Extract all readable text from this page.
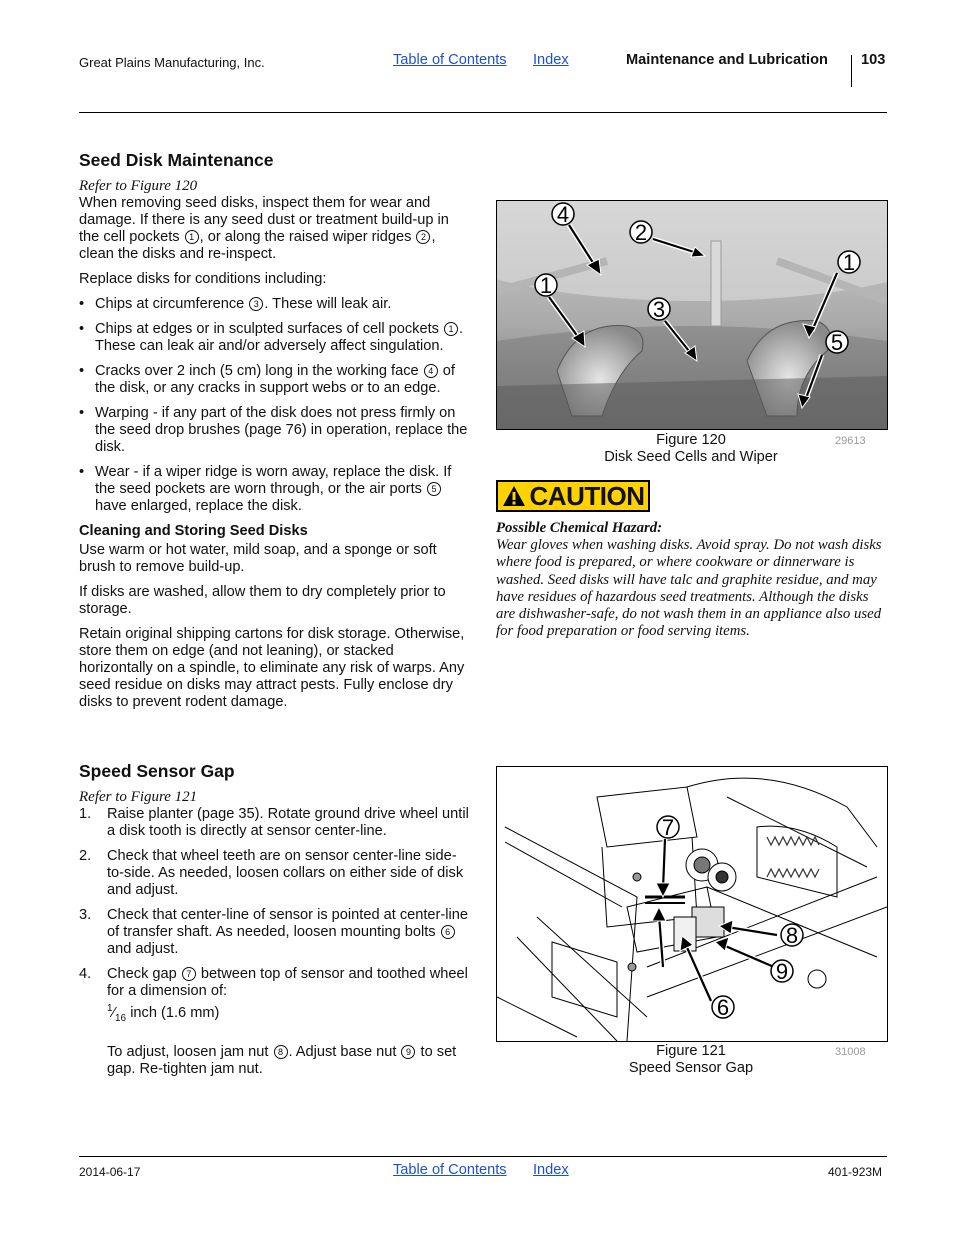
Great Plains Manufacturing, Inc.	Table of Contents Index	Maintenance and Lubrication 103
Seed Disk Maintenance
Refer to Figure 120

When removing seed disks, inspect them for wear and damage. If there is any seed dust or treatment build-up in the cell pockets 1 , or along the raised wiper ridges 2 , clean the disks and re-inspect.

Replace disks for conditions including:

• Chips at circumference 3 . These will leak air.
• Chips at edges or in sculpted surfaces of cell pockets 1 . These can leak air and/or adversely affect singulation.
• Cracks over 2 inch (5 cm) long in the working face 4 of the disk, or any cracks in support webs or to an edge.
• Warping - if any part of the disk does not press firmly on the seed drop brushes (page 76) in operation, replace the disk.
• Wear - if a wiper ridge is worn away, replace the disk. If the seed pockets are worn through, or the air ports 5 have enlarged, replace the disk.
Cleaning and Storing Seed Disks

Use warm or hot water, mild soap, and a sponge or soft brush to remove build-up.

If disks are washed, allow them to dry completely prior to storage.

Retain original shipping cartons for disk storage. Otherwise, store them on edge (and not leaning), or stacked horizontally on a spindle, to eliminate any risk of warps. Any seed residue on disks may attract pests. Fully enclose dry disks to prevent rodent damage.

4
2
1
1
3
5
Figure 120
Disk Seed Cells and Wiper
29613
CAUTION
Possible Chemical Hazard:
Wear gloves when washing disks. Avoid spray. Do not wash disks where food is prepared, or where cookware or dinnerware is washed. Seed disks will have talc and graphite residue, and may have residues of hazardous seed treatments. Although the disks are dishwasher-safe, do not wash them in an appliance also used for food preparation or food serving items.
Speed Sensor Gap
Refer to Figure 121
1. Raise planter (page 35). Rotate ground drive wheel until a disk tooth is directly at sensor center-line.
2. Check that wheel teeth are on sensor center-line side-to-side. As needed, loosen collars on either side of disk and adjust.
3. Check that center-line of sensor is pointed at center-line of transfer shaft. As needed, loosen mounting bolts 6 and adjust.
4. Check gap 7 between top of sensor and toothed wheel for a dimension of:
$^1⁄_{16}$ inch (1.6 mm)
To adjust, loosen jam nut 8 . Adjust base nut 9 to set gap. Re-tighten jam nut.
7
8
9
6
Figure 121
Speed Sensor Gap
31008
2014-06-17	Table of Contents Index	401-923M
